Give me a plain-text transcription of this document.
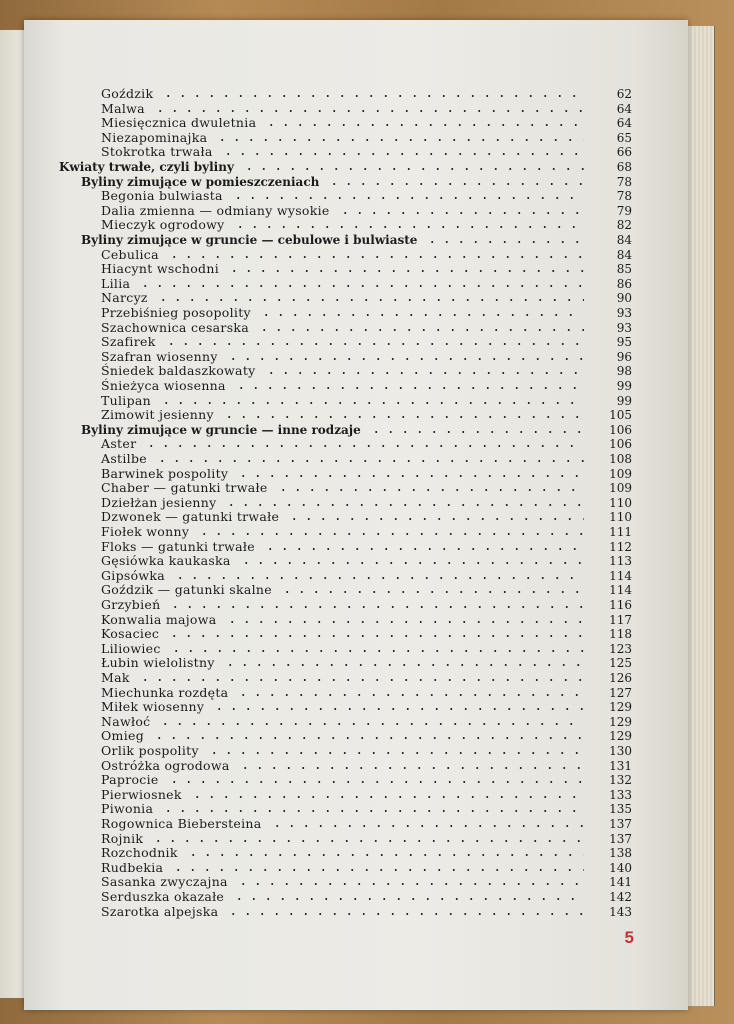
Goździk	62
Malwa	64
Miesięcznica dwuletnia	64
Niezapominajka	65
Stokrotka trwała	66
Kwiaty trwałe, czyli byliny	68
Byliny zimujące w pomieszczeniach	78
Begonia bulwiasta	78
Dalia zmienna — odmiany wysokie	79
Mieczyk ogrodowy	82
Byliny zimujące w gruncie — cebulowe i bulwiaste	84
Cebulica	84
Hiacynt wschodni	85
Lilia	86
Narcyz	90
Przebiśnieg posopolity	93
Szachownica cesarska	93
Szafirek	95
Szafran wiosenny	96
Śniedek baldaszkowaty	98
Śnieżyca wiosenna	99
Tulipan	99
Zimowit jesienny	105
Byliny zimujące w gruncie — inne rodzaje	106
Aster	106
Astilbe	108
Barwinek pospolity	109
Chaber — gatunki trwałe	109
Dziełżan jesienny	110
Dzwonek — gatunki trwałe	110
Fiołek wonny	111
Floks — gatunki trwałe	112
Gęsiówka kaukaska	113
Gipsówka	114
Goździk — gatunki skalne	114
Grzybień	116
Konwalia majowa	117
Kosaciec	118
Liliowiec	123
Łubin wielolistny	125
Mak	126
Miechunka rozdęta	127
Miłek wiosenny	129
Nawłoć	129
Omieg	129
Orlik pospolity	130
Ostróżka ogrodowa	131
Paprocie	132
Pierwiosnek	133
Piwonia	135
Rogownica Biebersteina	137
Rojnik	137
Rozchodnik	138
Rudbekia	140
Sasanka zwyczajna	141
Serduszka okazałe	142
Szarotka alpejska	143
5
